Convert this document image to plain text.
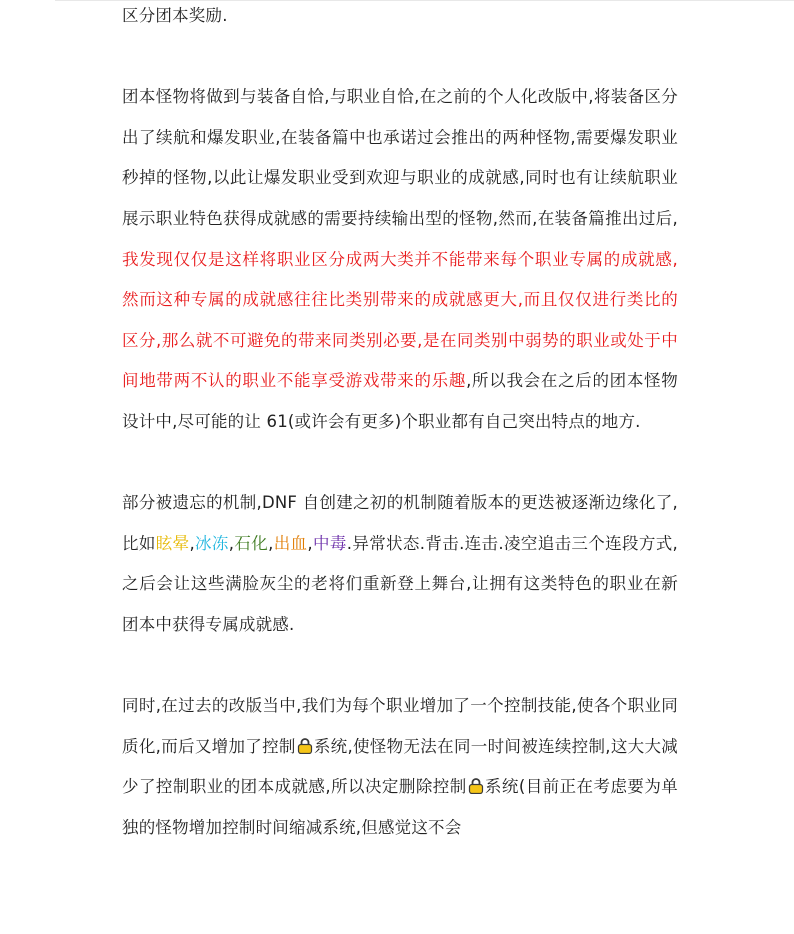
区分团本奖励.

团本怪物将做到与装备自恰,与职业自恰,在之前的个人化改版中,将装备区分出了续航和爆发职业,在装备篇中也承诺过会推出的两种怪物,需要爆发职业秒掉的怪物,以此让爆发职业受到欢迎与职业的成就感,同时也有让续航职业展示职业特色获得成就感的需要持续输出型的怪物,然而,在装备篇推出过后,我发现仅仅是这样将职业区分成两大类并不能带来每个职业专属的成就感,然而这种专属的成就感往往比类别带来的成就感更大,而且仅仅进行类比的区分,那么就不可避免的带来同类别必要,是在同类别中弱势的职业或处于中间地带两不认的职业不能享受游戏带来的乐趣,所以我会在之后的团本怪物设计中,尽可能的让 61(或许会有更多)个职业都有自己突出特点的地方.

部分被遗忘的机制,DNF 自创建之初的机制随着版本的更迭被逐渐边缘化了,比如眩晕,冰冻,石化,出血,中毒.异常状态.背击.连击.凌空追击三个连段方式,之后会让这些满脸灰尘的老将们重新登上舞台,让拥有这类特色的职业在新团本中获得专属成就感.

同时,在过去的改版当中,我们为每个职业增加了一个控制技能,使各个职业同质化,而后又增加了控制 系统,使怪物无法在同一时间被连续控制,这大大减少了控制职业的团本成就感,所以决定删除控制 系统(目前正在考虑要为单独的怪物增加控制时间缩减系统,但感觉这不会
